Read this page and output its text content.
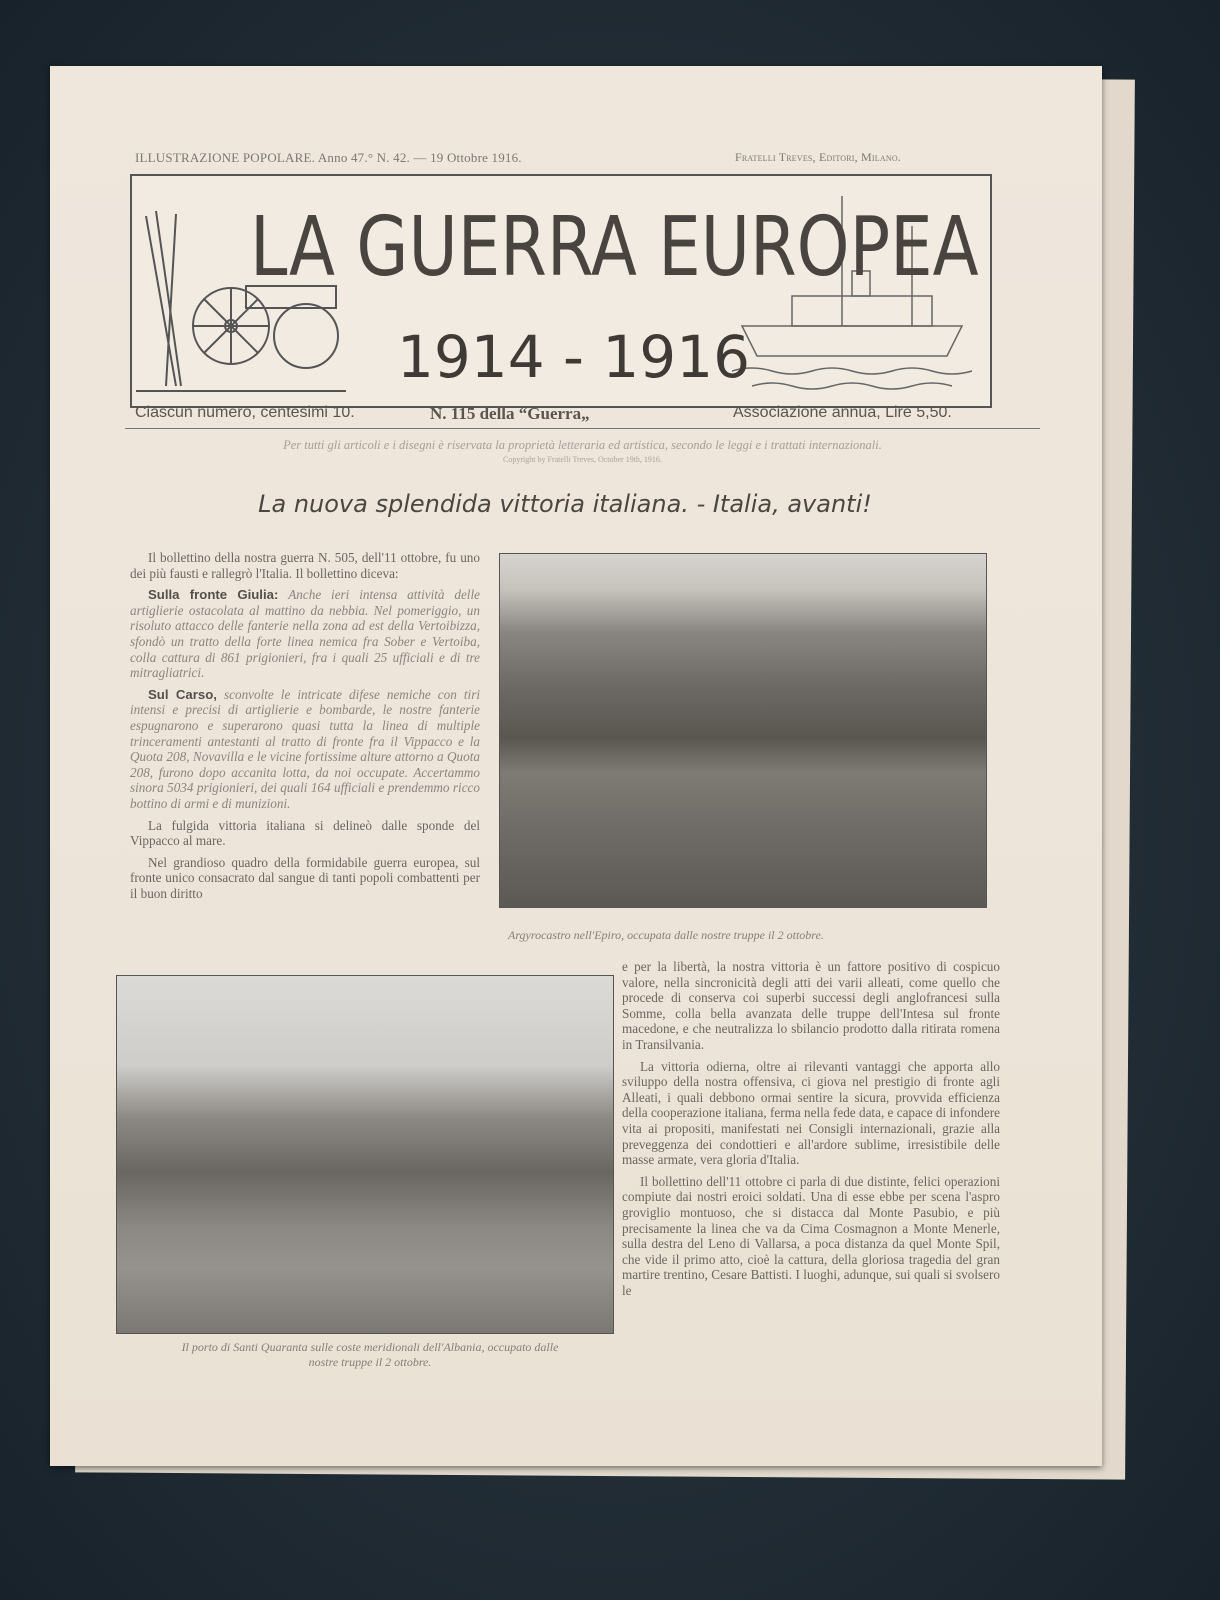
ILLUSTRAZIONE POPOLARE. Anno 47.° N. 42. — 19 Ottobre 1916.	Fratelli Treves, Editori, Milano.
LA GUERRA EUROPEA
1914 - 1916
Ciascun numero, centesimi 10.	N. 115 della “Guerra„	Associazione annua, Lire 5,50.
Per tutti gli articoli e i disegni è riservata la proprietà letteraria ed artistica, secondo le leggi e i trattati internazionali.
Copyright by Fratelli Treves, October 19th, 1916.
La nuova splendida vittoria italiana. - Italia, avanti!

Il bollettino della nostra guerra N. 505, dell'11 ottobre, fu uno dei più fausti e rallegrò l'Italia. Il bollettino diceva:

Sulla fronte Giulia: Anche ieri intensa attività delle artiglierie ostacolata al mattino da nebbia. Nel pomeriggio, un risoluto attacco delle fanterie nella zona ad est della Vertoibizza, sfondò un tratto della forte linea nemica fra Sober e Vertoiba, colla cattura di 861 prigionieri, fra i quali 25 ufficiali e di tre mitragliatrici.

Sul Carso, sconvolte le intricate difese nemiche con tiri intensi e precisi di artiglierie e bombarde, le nostre fanterie espugnarono e superarono quasi tutta la linea di multiple trinceramenti antestanti al tratto di fronte fra il Vippacco e la Quota 208, Novavilla e le vicine fortissime alture attorno a Quota 208, furono dopo accanita lotta, da noi occupate. Accertammo sinora 5034 prigionieri, dei quali 164 ufficiali e prendemmo ricco bottino di armi e di munizioni.

La fulgida vittoria italiana si delineò dalle sponde del Vippacco al mare.

Nel grandioso quadro della formidabile guerra europea, sul fronte unico consacrato dal sangue di tanti popoli combattenti per il buon diritto

Argyrocastro nell'Epiro, occupata dalle nostre truppe il 2 ottobre.
Il porto di Santi Quaranta sulle coste meridionali dell'Albania, occupato dalle nostre truppe il 2 ottobre.

e per la libertà, la nostra vittoria è un fattore positivo di cospicuo valore, nella sincronicità degli atti dei varii alleati, come quello che procede di conserva coi superbi successi degli anglofrancesi sulla Somme, colla bella avanzata delle truppe dell'Intesa sul fronte macedone, e che neutralizza lo sbilancio prodotto dalla ritirata romena in Transilvania.

La vittoria odierna, oltre ai rilevanti vantaggi che apporta allo sviluppo della nostra offensiva, ci giova nel prestigio di fronte agli Alleati, i quali debbono ormai sentire la sicura, provvida efficienza della cooperazione italiana, ferma nella fede data, e capace di infondere vita ai propositi, manifestati nei Consigli internazionali, grazie alla preveggenza dei condottieri e all'ardore sublime, irresistibile delle masse armate, vera gloria d'Italia.

Il bollettino dell'11 ottobre ci parla di due distinte, felici operazioni compiute dai nostri eroici soldati. Una di esse ebbe per scena l'aspro groviglio montuoso, che si distacca dal Monte Pasubio, e più precisamente la linea che va da Cima Cosmagnon a Monte Menerle, sulla destra del Leno di Vallarsa, a poca distanza da quel Monte Spil, che vide il primo atto, cioè la cattura, della gloriosa tragedia del gran martire trentino, Cesare Battisti. I luoghi, adunque, sui quali si svolsero le
